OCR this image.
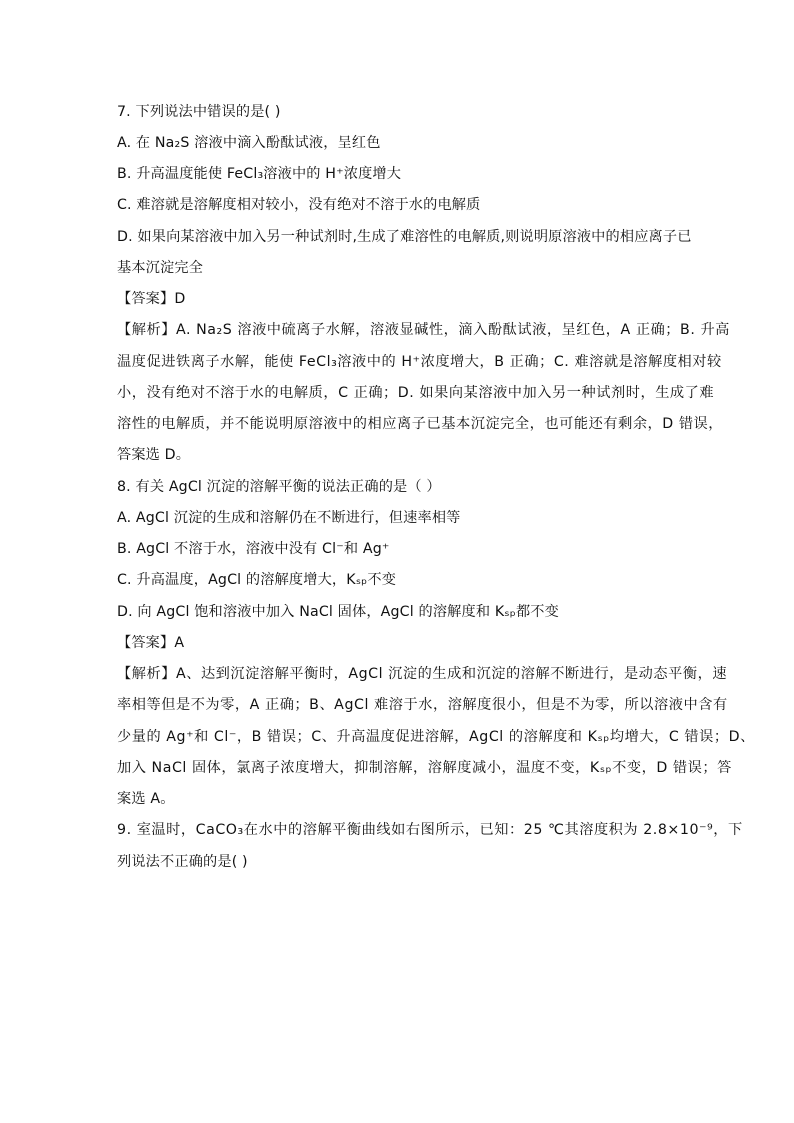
7. 下列说法中错误的是( )
A. 在 Na₂S 溶液中滴入酚酞试液，呈红色
B. 升高温度能使 FeCl₃溶液中的 H⁺浓度增大
C. 难溶就是溶解度相对较小，没有绝对不溶于水的电解质
D. 如果向某溶液中加入另一种试剂时,生成了难溶性的电解质,则说明原溶液中的相应离子已
基本沉淀完全
【答案】D
【解析】A. Na₂S 溶液中硫离子水解，溶液显碱性，滴入酚酞试液，呈红色，A 正确；B. 升高
温度促进铁离子水解，能使 FeCl₃溶液中的 H⁺浓度增大，B 正确；C. 难溶就是溶解度相对较
小，没有绝对不溶于水的电解质，C 正确；D. 如果向某溶液中加入另一种试剂时，生成了难
溶性的电解质，并不能说明原溶液中的相应离子已基本沉淀完全，也可能还有剩余，D 错误，
答案选 D。
8. 有关 AgCl 沉淀的溶解平衡的说法正确的是（ ）
A. AgCl 沉淀的生成和溶解仍在不断进行，但速率相等
B. AgCl 不溶于水，溶液中没有 Cl⁻和 Ag⁺
C. 升高温度，AgCl 的溶解度增大，Kₛₚ不变
D. 向 AgCl 饱和溶液中加入 NaCl 固体，AgCl 的溶解度和 Kₛₚ都不变
【答案】A
【解析】A、达到沉淀溶解平衡时，AgCl 沉淀的生成和沉淀的溶解不断进行，是动态平衡，速
率相等但是不为零，A 正确；B、AgCl 难溶于水，溶解度很小，但是不为零，所以溶液中含有
少量的 Ag⁺和 Cl⁻，B 错误；C、升高温度促进溶解，AgCl 的溶解度和 Kₛₚ均增大，C 错误；D、
加入 NaCl 固体，氯离子浓度增大，抑制溶解，溶解度减小，温度不变，Kₛₚ不变，D 错误；答
案选 A。
9. 室温时，CaCO₃在水中的溶解平衡曲线如右图所示，已知：25 ℃其溶度积为 2.8×10⁻⁹，下
列说法不正确的是( )
